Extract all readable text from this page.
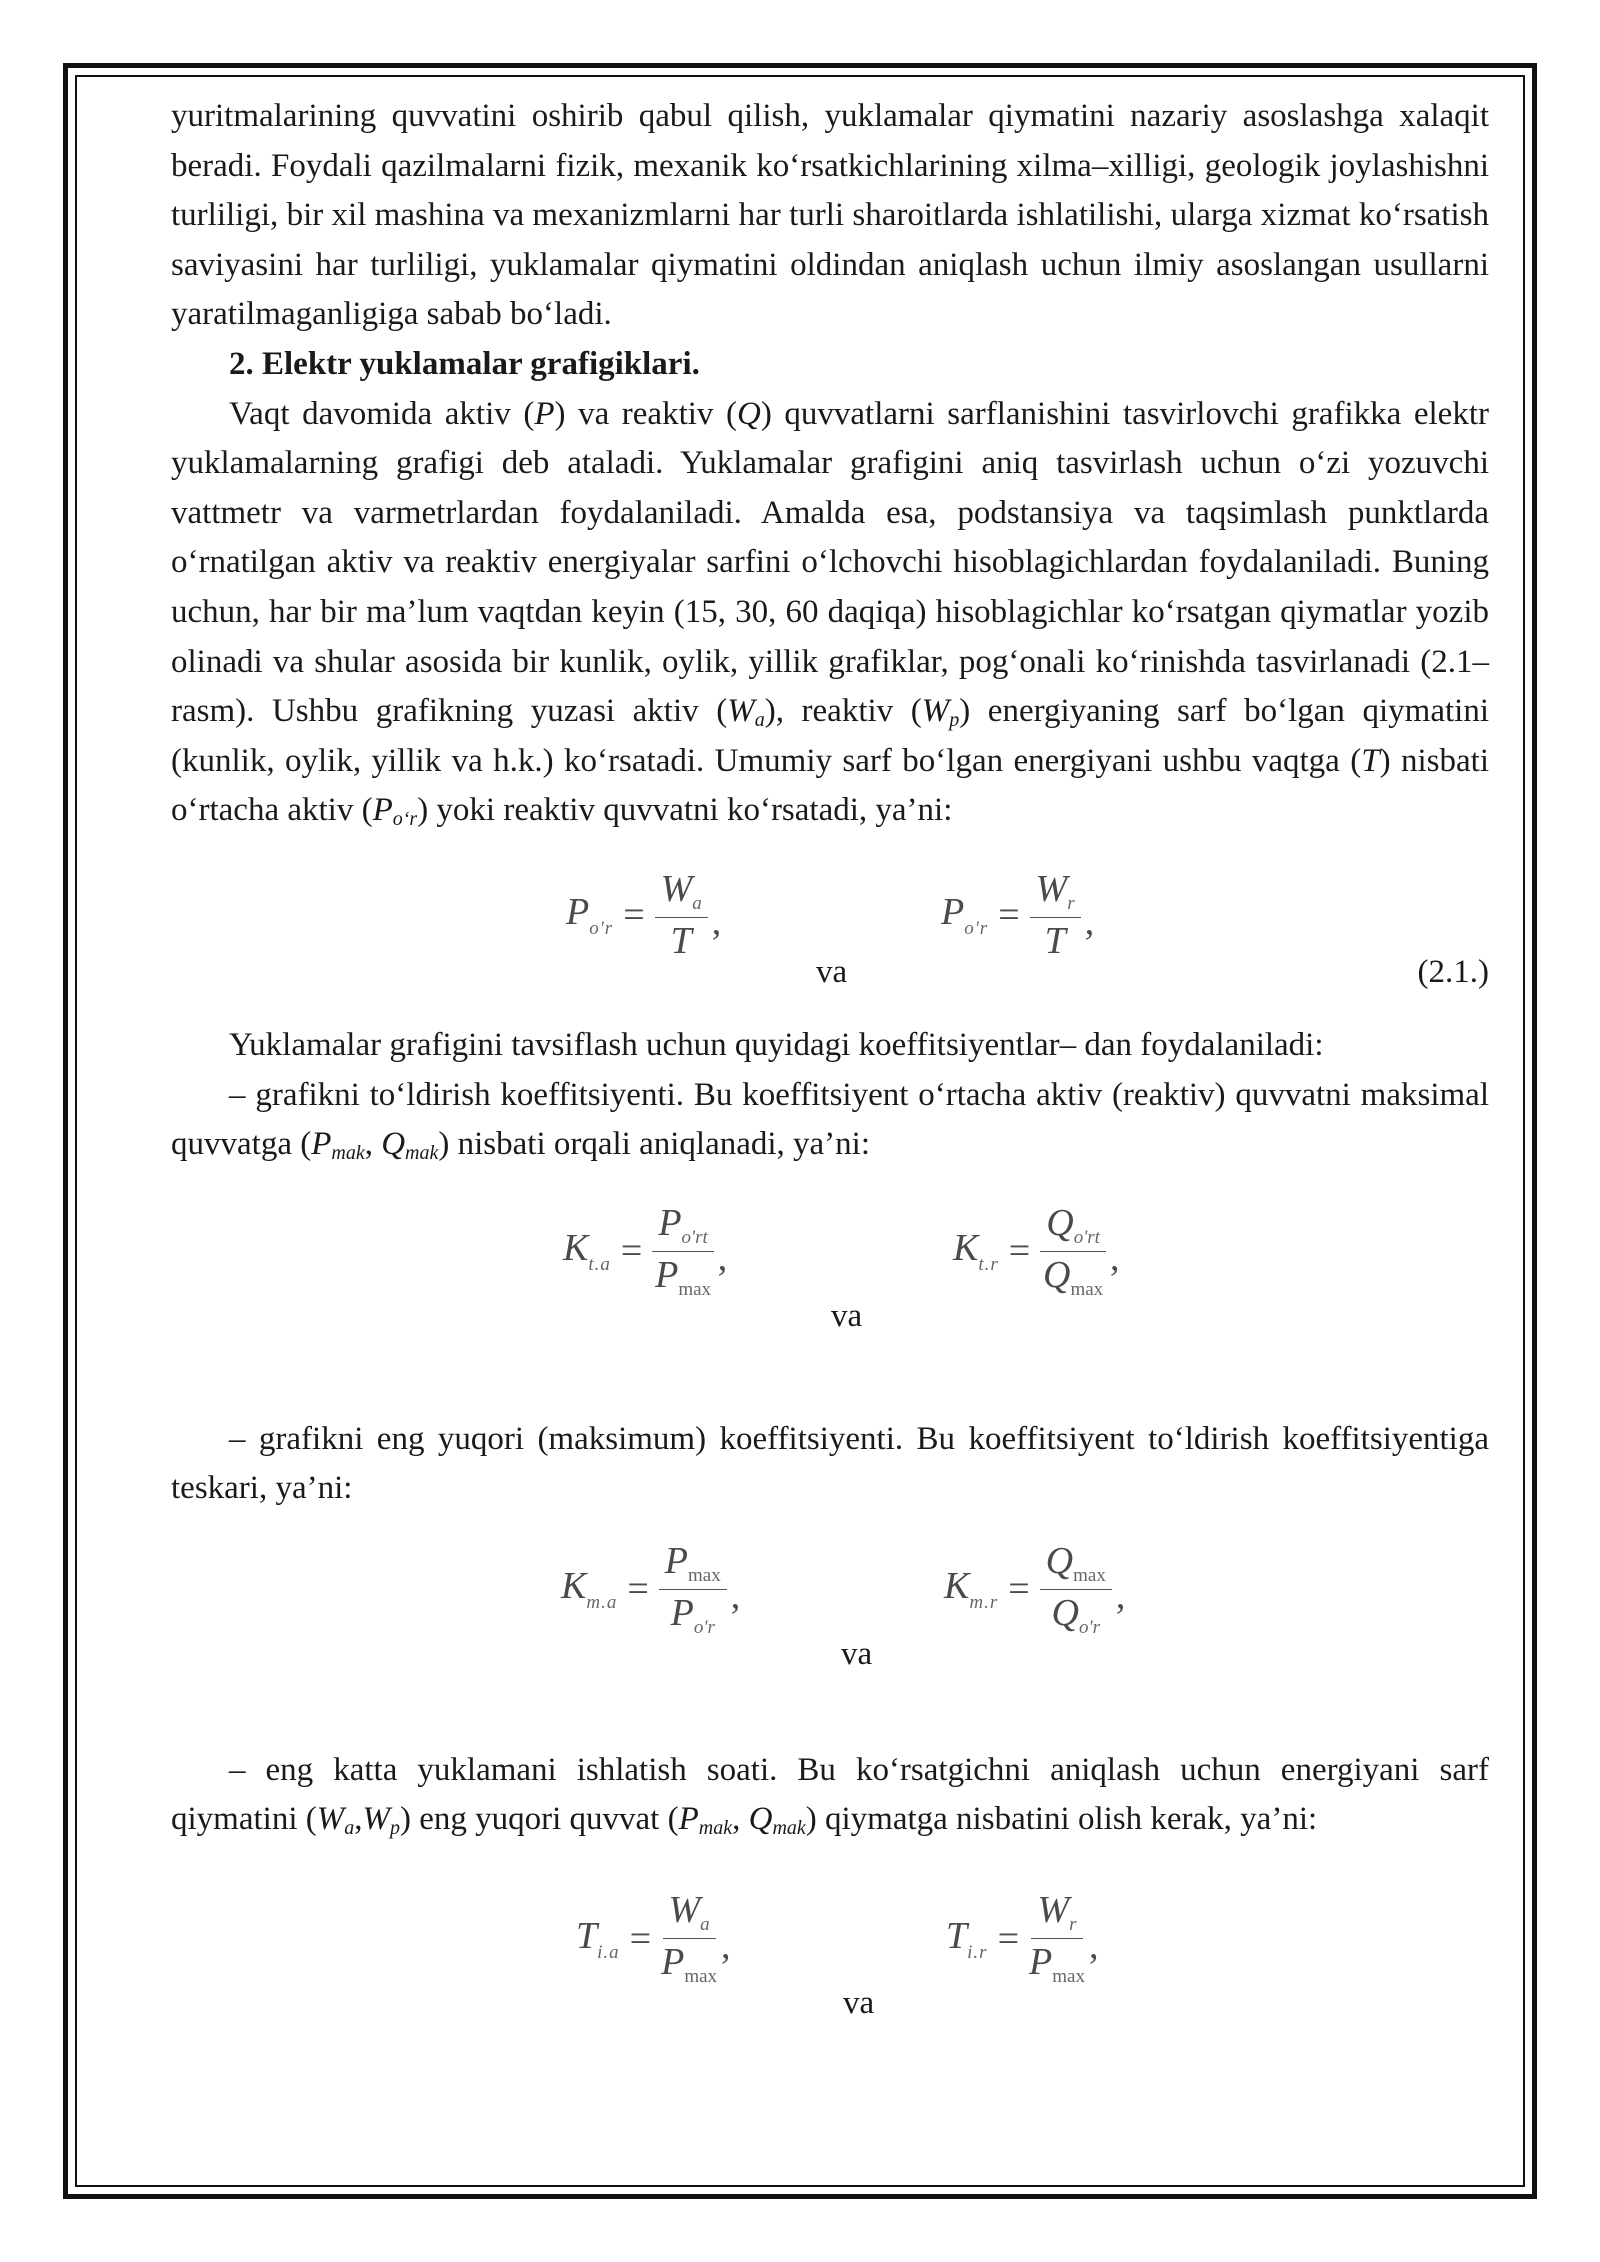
yuritmalarining quvvatini oshirib qabul qilish, yuklamalar qiymatini nazariy asoslashga xalaqit beradi. Foydali qazilmalarni fizik, mexanik ko‘rsatkichlarining xilma–xilligi, geologik joylashishni turliligi, bir xil mashina va mexanizmlarni har turli sharoitlarda ishlatilishi, ularga xizmat ko‘rsatish saviyasini har turliligi, yuklamalar qiymatini oldindan aniqlash uchun ilmiy asoslangan usullarni yaratilmaganligiga sabab bo‘ladi.

2. Elektr yuklamalar grafigiklari.

Vaqt davomida aktiv (P) va reaktiv (Q) quvvatlarni sarflanishini tasvirlovchi grafikka elektr yuklamalarning grafigi deb ataladi. Yuklamalar grafigini aniq tasvirlash uchun o‘zi yozuvchi vattmetr va varmetrlardan foydalaniladi. Amalda esa, podstansiya va taqsimlash punktlarda o‘rnatilgan aktiv va reaktiv energiyalar sarfini o‘lchovchi hisoblagichlardan foydalaniladi. Buning uchun, har bir ma’lum vaqtdan keyin (15, 30, 60 daqiqa) hisoblagichlar ko‘rsatgan qiymatlar yozib olinadi va shular asosida bir kunlik, oylik, yillik grafiklar, pog‘onali ko‘rinishda tasvirlanadi (2.1–rasm). Ushbu grafikning yuzasi aktiv $(W_a)$, reaktiv $(W_p)$ energiyaning sarf bo‘lgan qiymatini (kunlik, oylik, yillik va h.k.) ko‘rsatadi. Umumiy sarf bo‘lgan energiyani ushbu vaqtga (T) nisbati o‘rtacha aktiv $(P_{o‘r})$ yoki reaktiv quvvatni ko‘rsatadi, ya’ni:

$P_{o'r} = \frac{W_a}{T}$ ,	$P_{o'r} = \frac{W_r}{T}$ ,
va	(2.1.)

Yuklamalar grafigini tavsiflash uchun quyidagi koeffitsiyentlar– dan foydalaniladi:

– grafikni to‘ldirish koeffitsiyenti. Bu koeffitsiyent o‘rtacha aktiv (reaktiv) quvvatni maksimal quvvatga ($P_{mak}$, $Q_{mak}$) nisbati orqali aniqlanadi, ya’ni:

$K_{t.a} = \frac{P_{o'rt}}{P_{max}}$ ,	$K_{t.r} = \frac{Q_{o'rt}}{Q_{max}}$ ,
va

– grafikni eng yuqori (maksimum) koeffitsiyenti. Bu koeffitsiyent to‘ldirish koeffitsiyentiga teskari, ya’ni:

$K_{m.a} = \frac{P_{max}}{P_{o'r}}$ ,	$K_{m.r} = \frac{Q_{max}}{Q_{o'r}}$ ,
va

– eng katta yuklamani ishlatish soati. Bu ko‘rsatgichni aniqlash uchun energiyani sarf qiymatini $(W_a,W_p)$ eng yuqori quvvat ($P_{mak}$, $Q_{mak}$) qiymatga nisbatini olish kerak, ya’ni:

$T_{i.a} = \frac{W_a}{P_{max}}$ ,	$T_{i.r} = \frac{W_r}{P_{max}}$ ,
va
